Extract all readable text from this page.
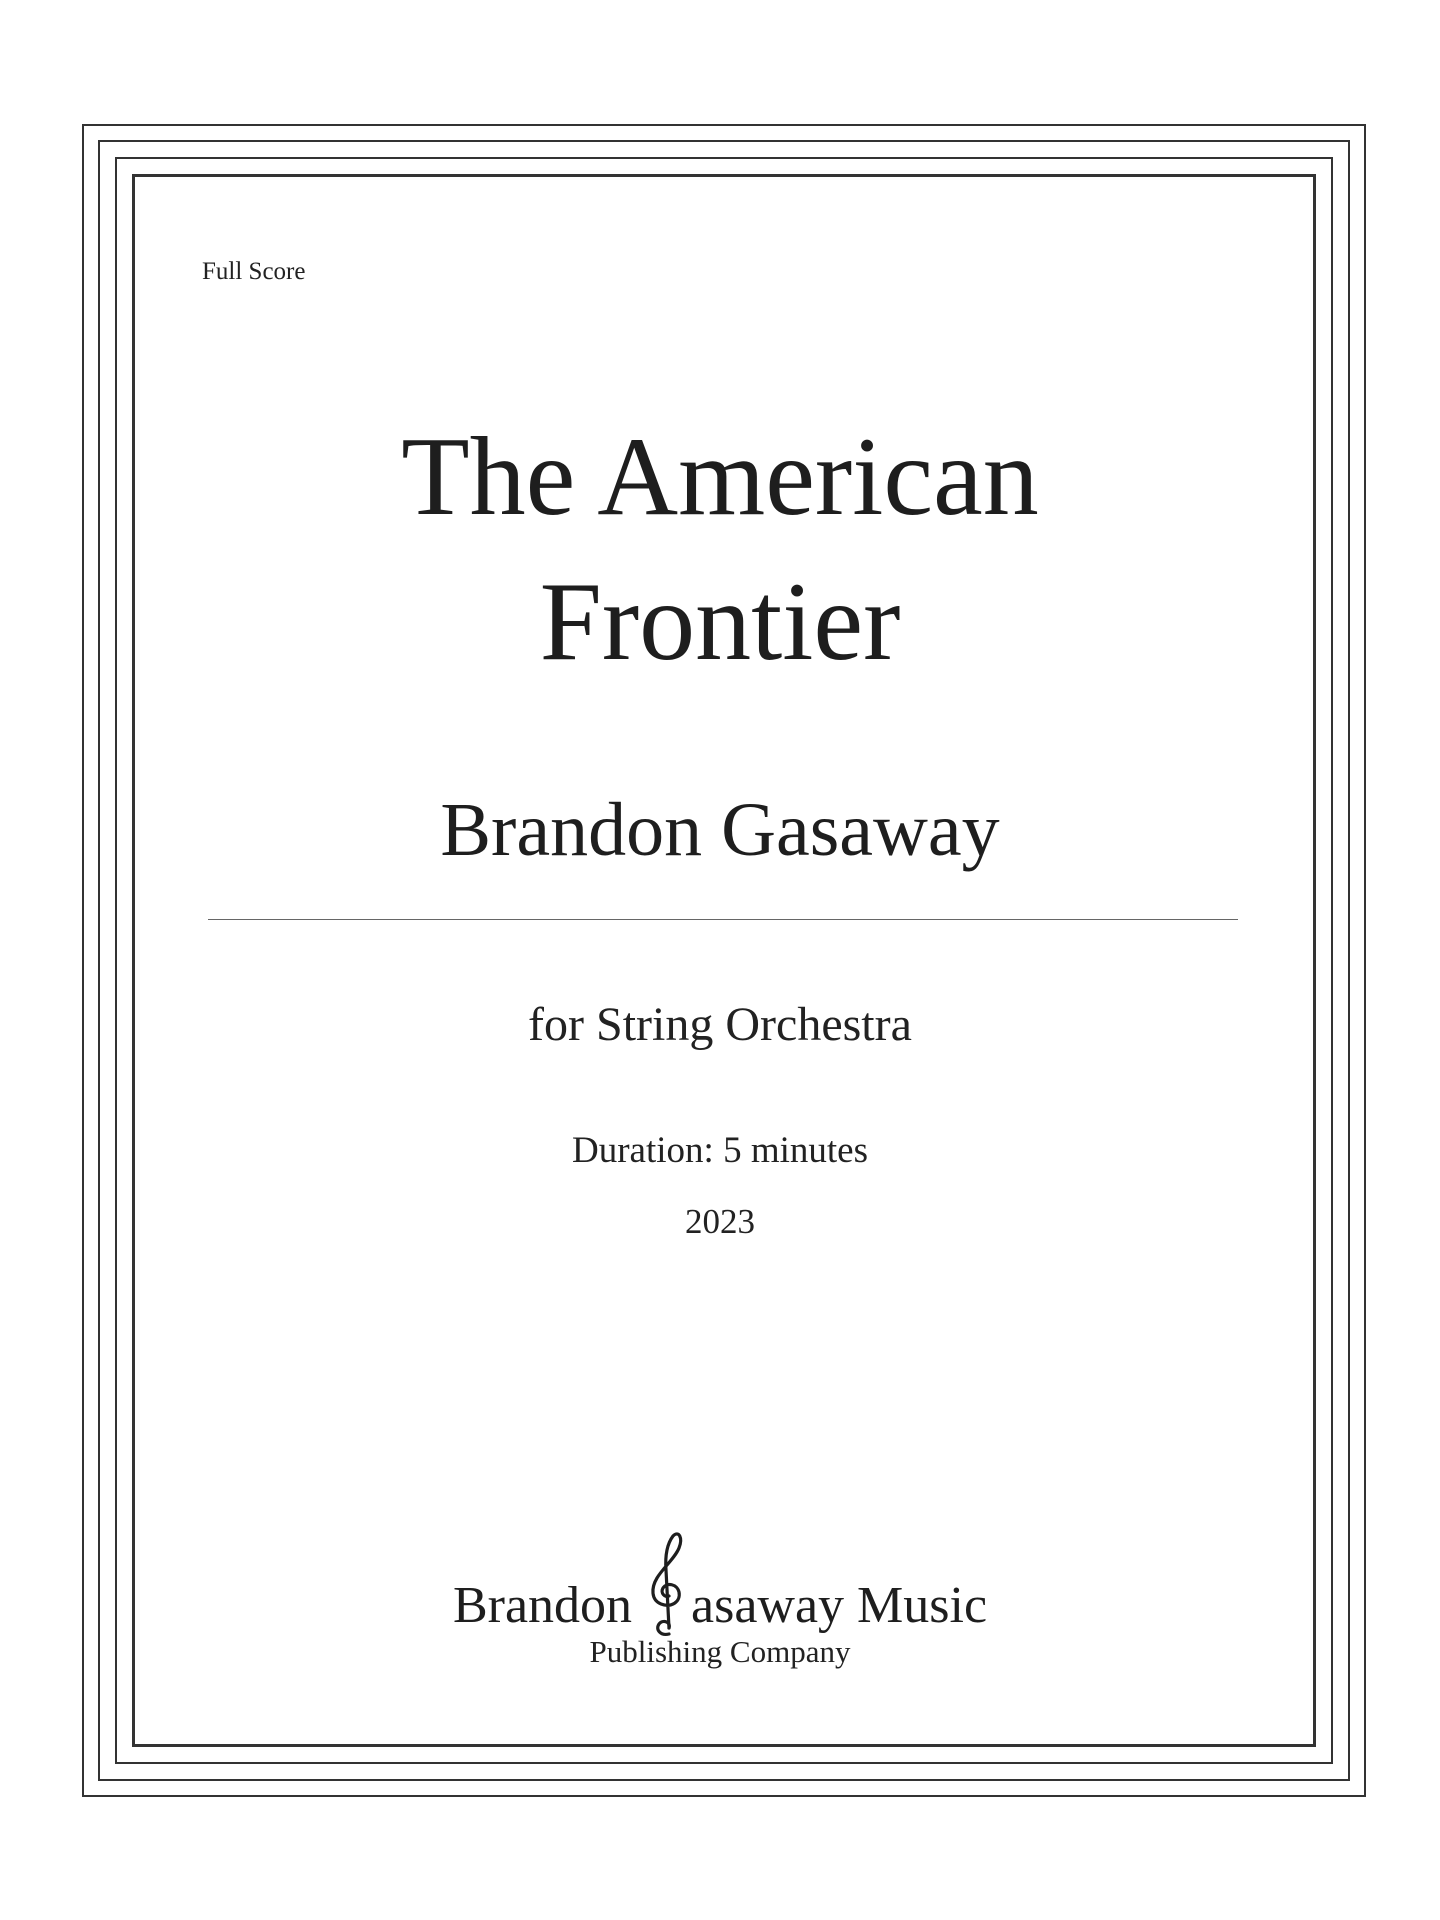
Full Score
The American
Frontier
Brandon Gasaway
for String Orchestra
Duration: 5 minutes
2023
Brandon asaway Music
Publishing Company
